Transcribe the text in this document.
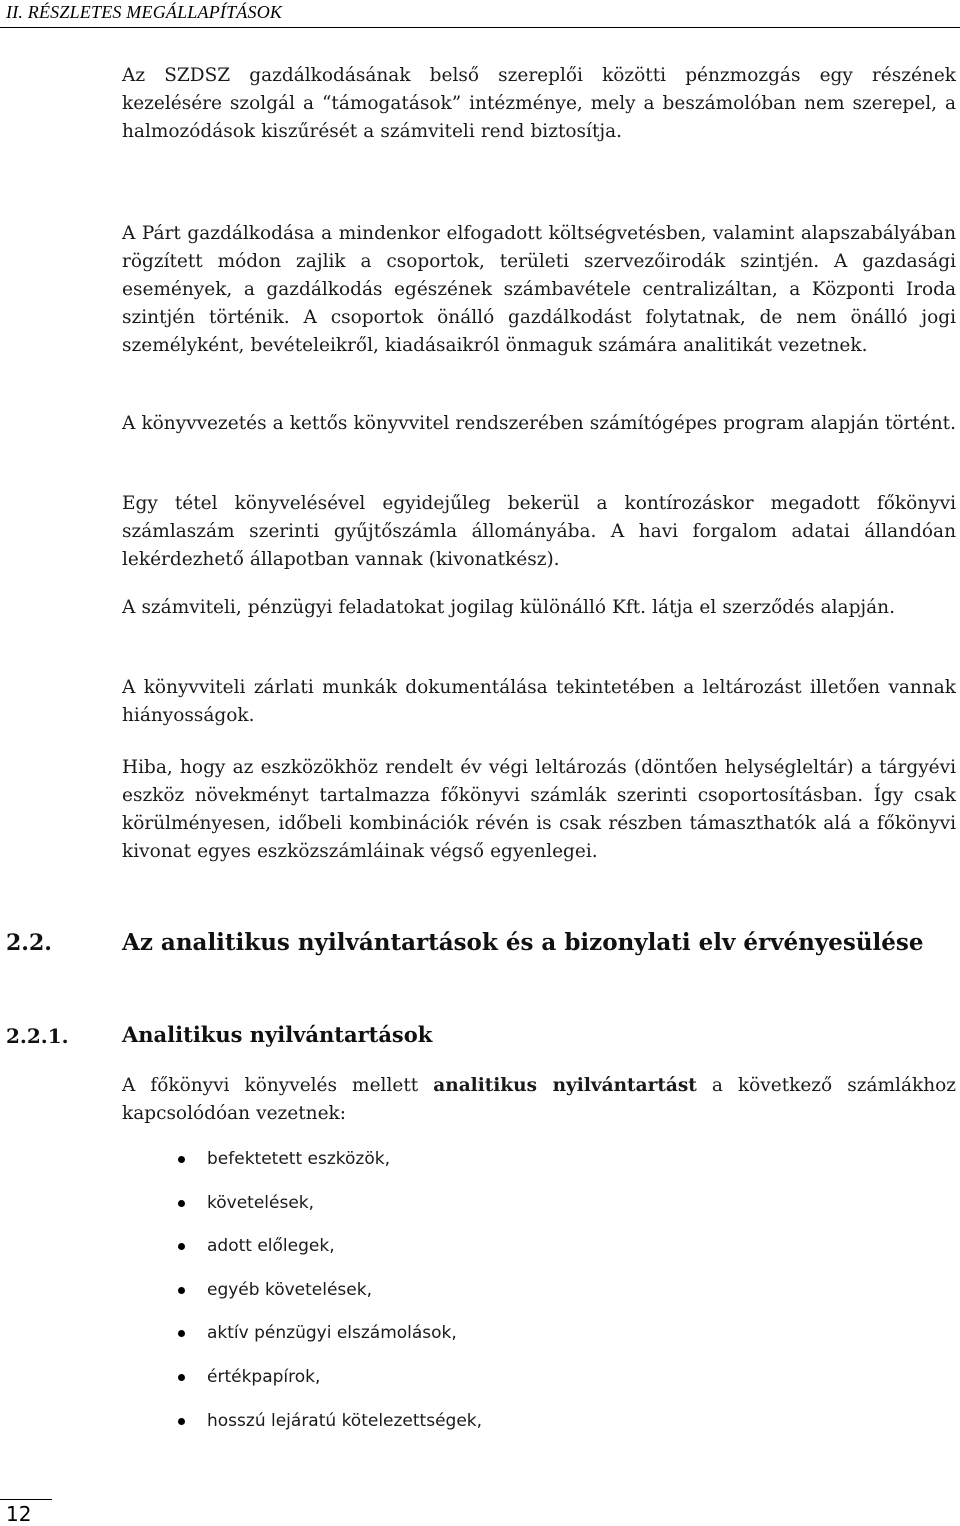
II. RÉSZLETES MEGÁLLAPÍTÁSOK

Az SZDSZ gazdálkodásának belső szereplői közötti pénzmozgás egy részének kezelésére szolgál a “támogatások” intézménye, mely a beszámolóban nem szerepel, a halmozódások kiszűrését a számviteli rend biztosítja.

A Párt gazdálkodása a mindenkor elfogadott költségvetésben, valamint alapszabályában rögzített módon zajlik a csoportok, területi szervezőirodák szintjén. A gazdasági események, a gazdálkodás egészének számbavétele centralizáltan, a Központi Iroda szintjén történik. A csoportok önálló gazdálkodást folytatnak, de nem önálló jogi személyként, bevételeikről, kiadásaikról önmaguk számára analitikát vezetnek.

A könyvvezetés a kettős könyvvitel rendszerében számítógépes program alapján történt.

Egy tétel könyvelésével egyidejűleg bekerül a kontírozáskor megadott főkönyvi számlaszám szerinti gyűjtőszámla állományába. A havi forgalom adatai állandóan lekérdezhető állapotban vannak (kivonatkész).

A számviteli, pénzügyi feladatokat jogilag különálló Kft. látja el szerződés alapján.

A könyvviteli zárlati munkák dokumentálása tekintetében a leltározást illetően vannak hiányosságok.

Hiba, hogy az eszközökhöz rendelt év végi leltározás (döntően helységleltár) a tárgyévi eszköz növekményt tartalmazza főkönyvi számlák szerinti csoportosításban. Így csak körülményesen, időbeli kombinációk révén is csak részben támaszthatók alá a főkönyvi kivonat egyes eszközszámláinak végső egyenlegei.

2.2.	Az analitikus nyilvántartások és a bizonylati elv érvényesülése
2.2.1.	Analitikus nyilvántartások

A főkönyvi könyvelés mellett analitikus nyilvántartást a következő számlákhoz kapcsolódóan vezetnek:

befektetett eszközök,
követelések,
adott előlegek,
egyéb követelések,
aktív pénzügyi elszámolások,
értékpapírok,
hosszú lejáratú kötelezettségek,
12
